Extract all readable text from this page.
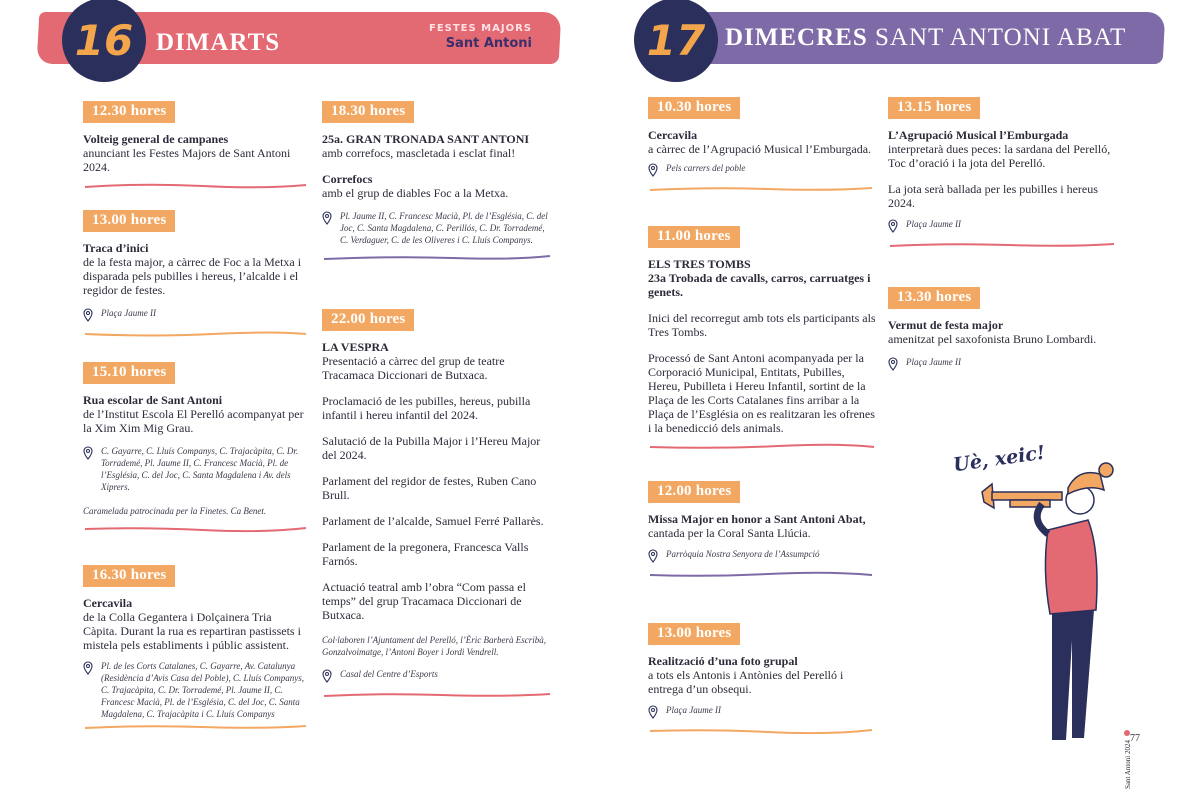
16 DIMARTS
FESTES MAJORS
Sant Antoni
12.30 hores
Volteig general de campanes
anunciant les Festes Majors de Sant Antoni 2024.
13.00 hores
Traca d’inici
de la festa major, a càrrec de Foc a la Metxa i disparada pels pubilles i hereus, l’alcalde i el regidor de festes.
Plaça Jaume II
15.10 hores
Rua escolar de Sant Antoni
de l’Institut Escola El Perelló acompanyat per la Xim Xim Mig Grau.
C. Gayarre, C. Lluís Companys, C. Trajacàpita, C. Dr. Torrademé, Pl. Jaume II, C. Francesc Macià, Pl. de l’Església, C. del Joc, C. Santa Magdalena i Av. dels Xiprers.
Caramelada patrocinada per la Finetes. Ca Benet.
16.30 hores
Cercavila
de la Colla Gegantera i Dolçainera Tria Càpita. Durant la rua es repartiran pastissets i mistela pels establiments i públic assistent.
Pl. de les Corts Catalanes, C. Gayarre, Av. Catalunya (Residència d’Avis Casa del Poble), C. Lluís Companys, C. Trajacàpita, C. Dr. Torrademé, Pl. Jaume II, C. Francesc Macià, Pl. de l’Església, C. del Joc, C. Santa Magdalena, C. Trajacàpita i C. Lluís Companys
18.30 hores
25a. GRAN TRONADA SANT ANTONI
amb correfocs, mascletada i esclat final!
Correfocs
amb el grup de diables Foc a la Metxa.
Pl. Jaume II, C. Francesc Macià, Pl. de l’Església, C. del Joc, C. Santa Magdalena, C. Perillós, C. Dr. Torrademé, C. Verdaguer, C. de les Oliveres i C. Lluís Companys.
22.00 hores
LA VESPRA
Presentació a càrrec del grup de teatre Tracamaca Diccionari de Butxaca.
Proclamació de les pubilles, hereus, pubilla infantil i hereu infantil del 2024.
Salutació de la Pubilla Major i l’Hereu Major del 2024.
Parlament del regidor de festes, Ruben Cano Brull.
Parlament de l’alcalde, Samuel Ferré Pallarès.
Parlament de la pregonera, Francesca Valls Farnós.
Actuació teatral amb l’obra “Com passa el temps” del grup Tracamaca Diccionari de Butxaca.
Col·laboren l’Ajuntament del Perelló, l’Èric Barberà Escribà, Gonzalvoimatge, l’Antoni Boyer i Jordi Vendrell.
Casal del Centre d’Esports
17 DIMECRES SANT ANTONI ABAT
10.30 hores
Cercavila
a càrrec de l’Agrupació Musical l’Emburgada.
Pels carrers del poble
11.00 hores
ELS TRES TOMBS
23a Trobada de cavalls, carros, carruatges i genets.
Inici del recorregut amb tots els participants als Tres Tombs.
Processó de Sant Antoni acompanyada per la Corporació Municipal, Entitats, Pubilles, Hereu, Pubilleta i Hereu Infantil, sortint de la Plaça de les Corts Catalanes fins arribar a la Plaça de l’Església on es realitzaran les ofrenes i la benedicció dels animals.
12.00 hores
Missa Major en honor a Sant Antoni Abat,
cantada per la Coral Santa Llúcia.
Parròquia Nostra Senyora de l’Assumpció
13.00 hores
Realització d’una foto grupal
a tots els Antonis i Antònies del Perelló i entrega d’un obsequi.
Plaça Jaume II
13.15 hores
L’Agrupació Musical l’Emburgada
interpretarà dues peces: la sardana del Perelló, Toc d’oració i la jota del Perelló.
La jota serà ballada per les pubilles i hereus 2024.
Plaça Jaume II
13.30 hores
Vermut de festa major
amenitzat pel saxofonista Bruno Lombardi.
Plaça Jaume II
Uè, xeic!
Sant Antoni 2024
77
